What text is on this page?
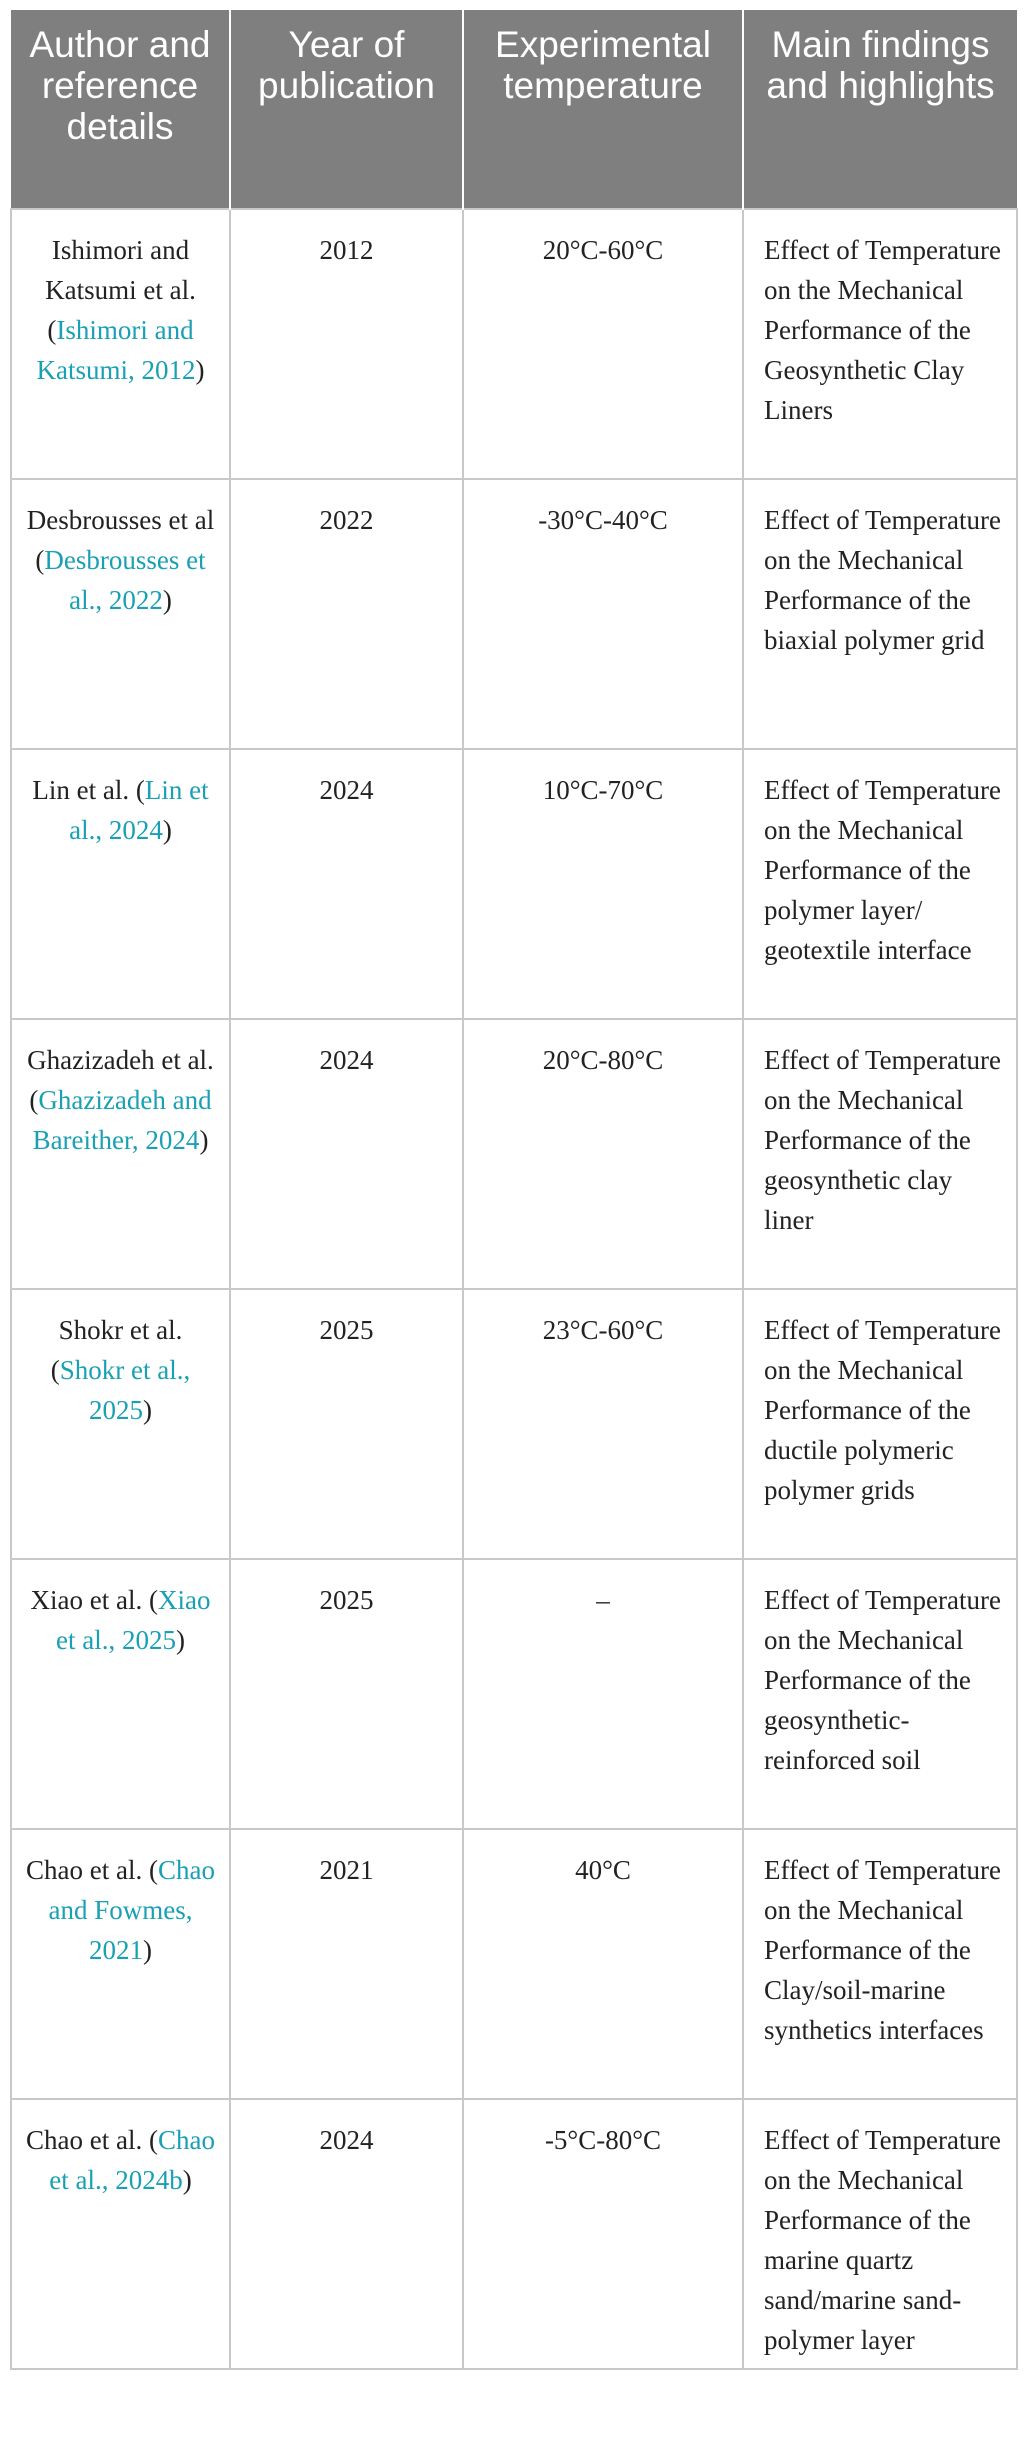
Author and reference details	Year of publication	Experimental temperature	Main findings and highlights
Ishimori and Katsumi et al. (Ishimori and Katsumi, 2012)	2012	20°C-60°C	Effect of Temperature on the Mechanical Performance of the Geosynthetic Clay Liners
Desbrousses et al (Desbrousses et al., 2022)	2022	-30°C-40°C	Effect of Temperature on the Mechanical Performance of the biaxial polymer grid
Lin et al. (Lin et al., 2024)	2024	10°C-70°C	Effect of Temperature on the Mechanical Performance of the polymer layer/ geotextile interface
Ghazizadeh et al. (Ghazizadeh and Bareither, 2024)	2024	20°C-80°C	Effect of Temperature on the Mechanical Performance of the geosynthetic clay liner
Shokr et al. (Shokr et al., 2025)	2025	23°C-60°C	Effect of Temperature on the Mechanical Performance of the ductile polymeric polymer grids
Xiao et al. (Xiao et al., 2025)	2025	–	Effect of Temperature on the Mechanical Performance of the geosynthetic-reinforced soil
Chao et al. (Chao and Fowmes, 2021)	2021	40°C	Effect of Temperature on the Mechanical Performance of the Clay/soil-marine synthetics interfaces
Chao et al. (Chao et al., 2024b)	2024	-5°C-80°C	Effect of Temperature on the Mechanical Performance of the marine quartz sand/marine sand-polymer layer
